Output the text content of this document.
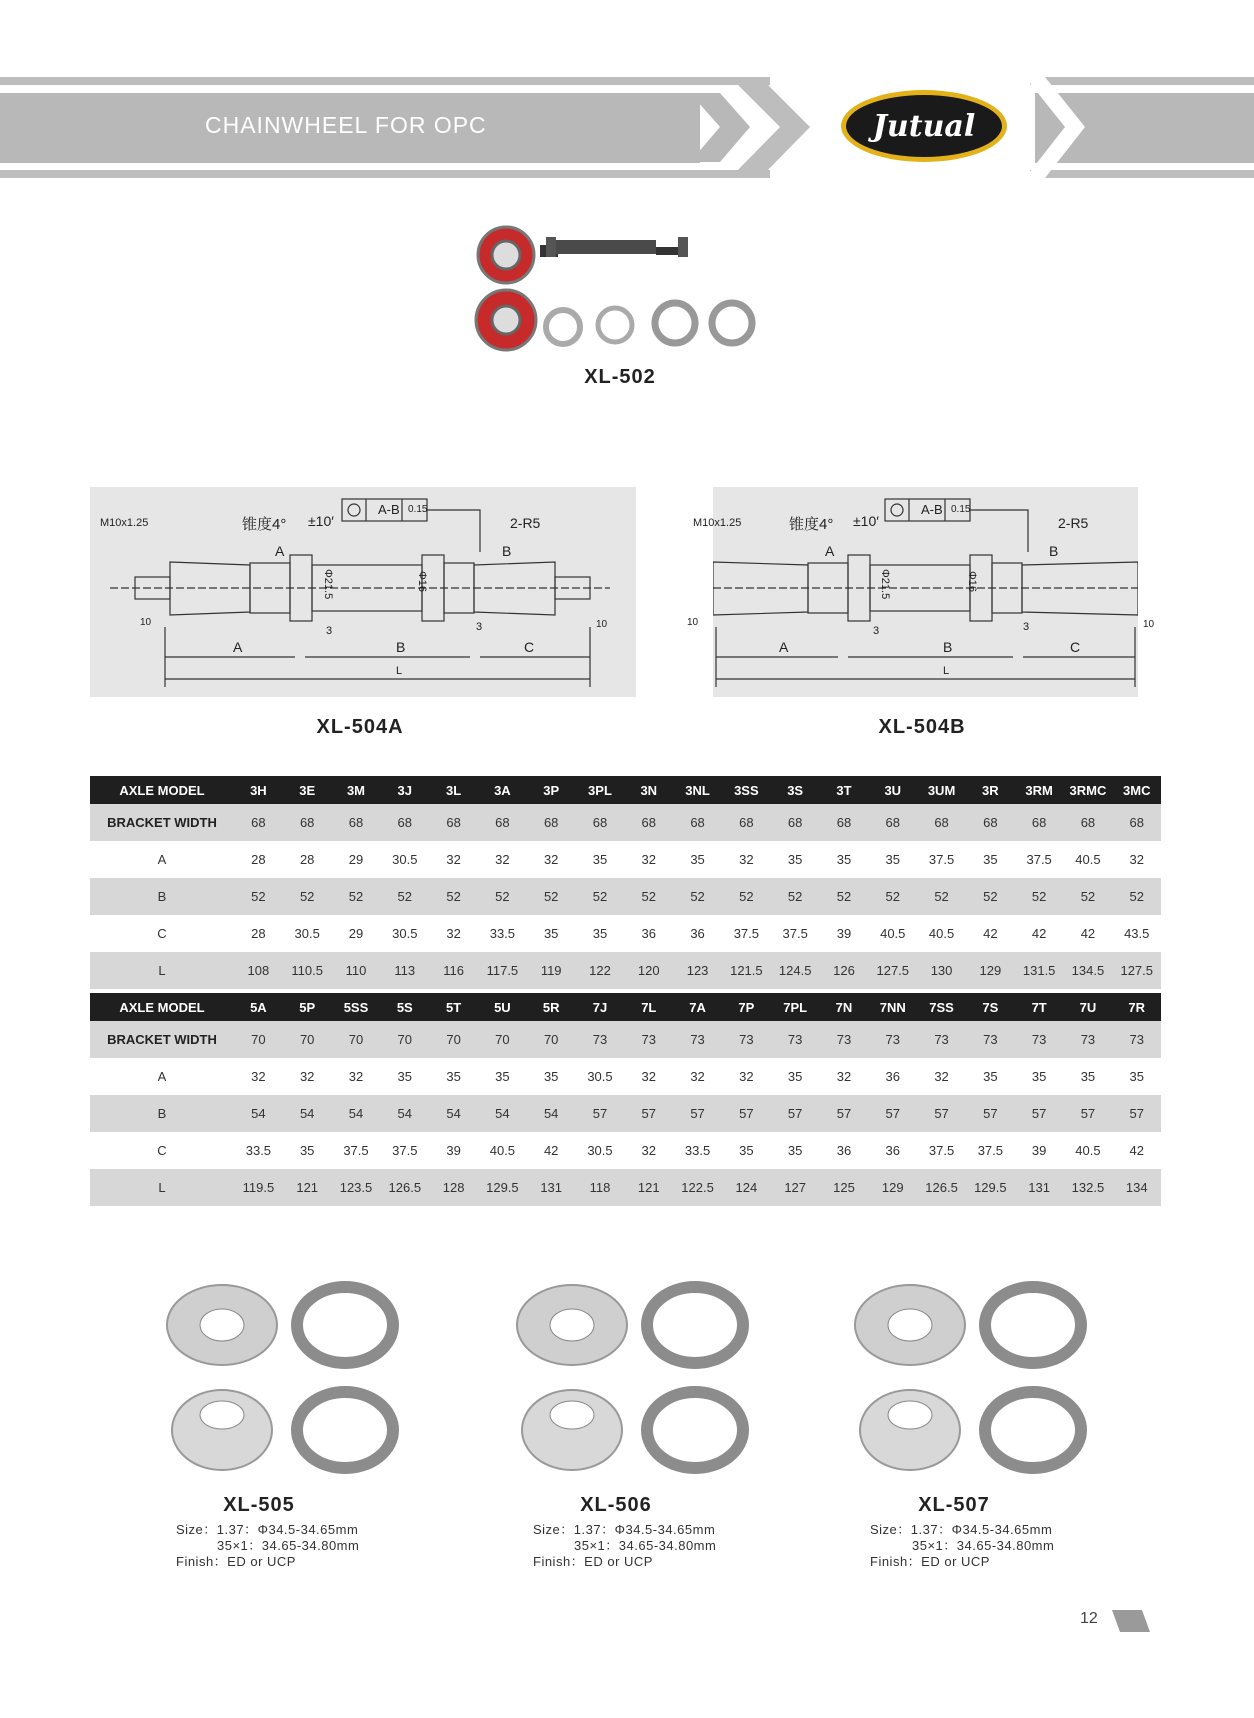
CHAINWHEEL FOR OPC	Jutual
XL-502
M10x1.25	锥度4° ±10′
A-B 0.15
2-R5
A	B
Φ21.5	Φ16
10	10
3	3
A	B	C
L
XL-504A
M10x1.25	锥度4° ±10′
A-B 0.15
2-R5
A	B
Φ21.5	Φ16
10	10
3	3
A	B	C
L
XL-504B
AXLE MODEL	3H	3E	3M	3J	3L	3A	3P	3PL	3N	3NL	3SS	3S	3T	3U	3UM	3R	3RM	3RMC	3MC
BRACKET WIDTH	68	68	68	68	68	68	68	68	68	68	68	68	68	68	68	68	68	68	68
A	28	28	29	30.5	32	32	32	35	32	35	32	35	35	35	37.5	35	37.5	40.5	32
B	52	52	52	52	52	52	52	52	52	52	52	52	52	52	52	52	52	52	52
C	28	30.5	29	30.5	32	33.5	35	35	36	36	37.5	37.5	39	40.5	40.5	42	42	42	43.5
L	108	110.5	110	113	116	117.5	119	122	120	123	121.5	124.5	126	127.5	130	129	131.5	134.5	127.5
AXLE MODEL	5A	5P	5SS	5S	5T	5U	5R	7J	7L	7A	7P	7PL	7N	7NN	7SS	7S	7T	7U	7R
BRACKET WIDTH	70	70	70	70	70	70	70	73	73	73	73	73	73	73	73	73	73	73	73
A	32	32	32	35	35	35	35	30.5	32	32	32	35	32	36	32	35	35	35	35
B	54	54	54	54	54	54	54	57	57	57	57	57	57	57	57	57	57	57	57
C	33.5	35	37.5	37.5	39	40.5	42	30.5	32	33.5	35	35	36	36	37.5	37.5	39	40.5	42
L	119.5	121	123.5	126.5	128	129.5	131	118	121	122.5	124	127	125	129	126.5	129.5	131	132.5	134
XL-505
Size：1.37：Φ34.5-34.65mm
35×1：34.65-34.80mm
Finish：ED or UCP
XL-506
Size：1.37：Φ34.5-34.65mm
35×1：34.65-34.80mm
Finish：ED or UCP
XL-507
Size：1.37：Φ34.5-34.65mm
35×1：34.65-34.80mm
Finish：ED or UCP
12
